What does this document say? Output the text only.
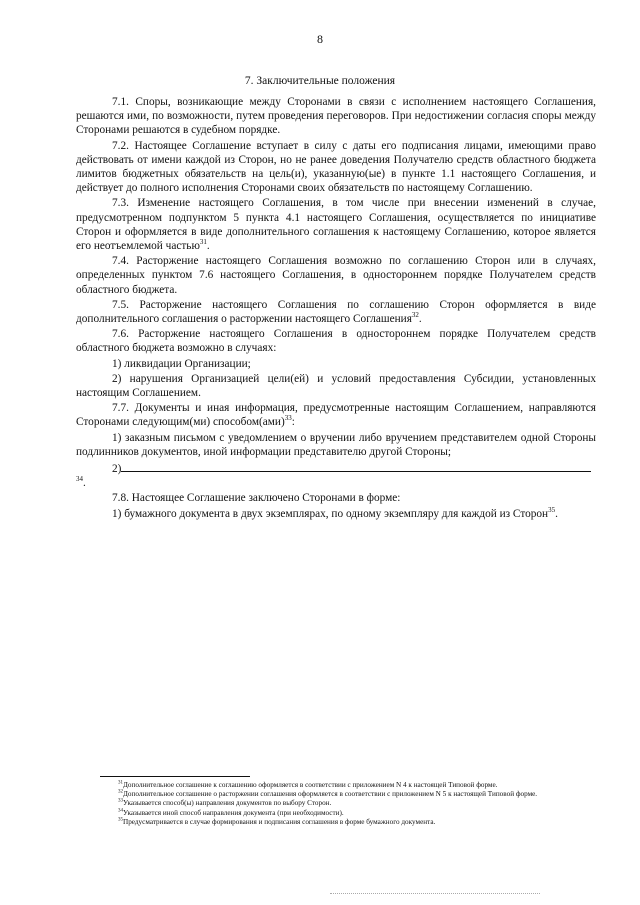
8
7. Заключительные положения

7.1. Споры, возникающие между Сторонами в связи с исполнением настоящего Соглашения, решаются ими, по возможности, путем проведения переговоров. При недостижении согласия споры между Сторонами решаются в судебном порядке.

7.2. Настоящее Соглашение вступает в силу с даты его подписания лицами, имеющими право действовать от имени каждой из Сторон, но не ранее доведения Получателю средств областного бюджета лимитов бюджетных обязательств на цель(и), указанную(ые) в пункте 1.1 настоящего Соглашения, и действует до полного исполнения Сторонами своих обязательств по настоящему Соглашению.

7.3. Изменение настоящего Соглашения, в том числе при внесении изменений в случае, предусмотренном подпунктом 5 пункта 4.1 настоящего Соглашения, осуществляется по инициативе Сторон и оформляется в виде дополнительного соглашения к настоящему Соглашению, которое является его неотъемлемой частью$^{31}$.

7.4. Расторжение настоящего Соглашения возможно по соглашению Сторон или в случаях, определенных пунктом 7.6 настоящего Соглашения, в одностороннем порядке Получателем средств областного бюджета.

7.5. Расторжение настоящего Соглашения по соглашению Сторон оформляется в виде дополнительного соглашения о расторжении настоящего Соглашения$^{32}$.

7.6. Расторжение настоящего Соглашения в одностороннем порядке Получателем средств областного бюджета возможно в случаях:

1) ликвидации Организации;

2) нарушения Организацией цели(ей) и условий предоставления Субсидии, установленных настоящим Соглашением.

7.7. Документы и иная информация, предусмотренные настоящим Соглашением, направляются Сторонами следующим(ми) способом(ами)$^{33}$:

1) заказным письмом с уведомлением о вручении либо вручением представителем одной Стороны подлинников документов, иной информации представителю другой Стороны;

2)$^{34}$.

7.8. Настоящее Соглашение заключено Сторонами в форме:

1) бумажного документа в двух экземплярах, по одному экземпляру для каждой из Сторон$^{35}$.

$^{31}$Дополнительное соглашение к соглашению оформляется в соответствии с приложением N 4 к настоящей Типовой форме.

$^{32}$Дополнительное соглашение о расторжении соглашения оформляется в соответствии с приложением N 5 к настоящей Типовой форме.

$^{33}$Указывается способ(ы) направления документов по выбору Сторон.

$^{34}$Указывается иной способ направления документа (при необходимости).

$^{35}$Предусматривается в случае формирования и подписания соглашения в форме бумажного документа.
